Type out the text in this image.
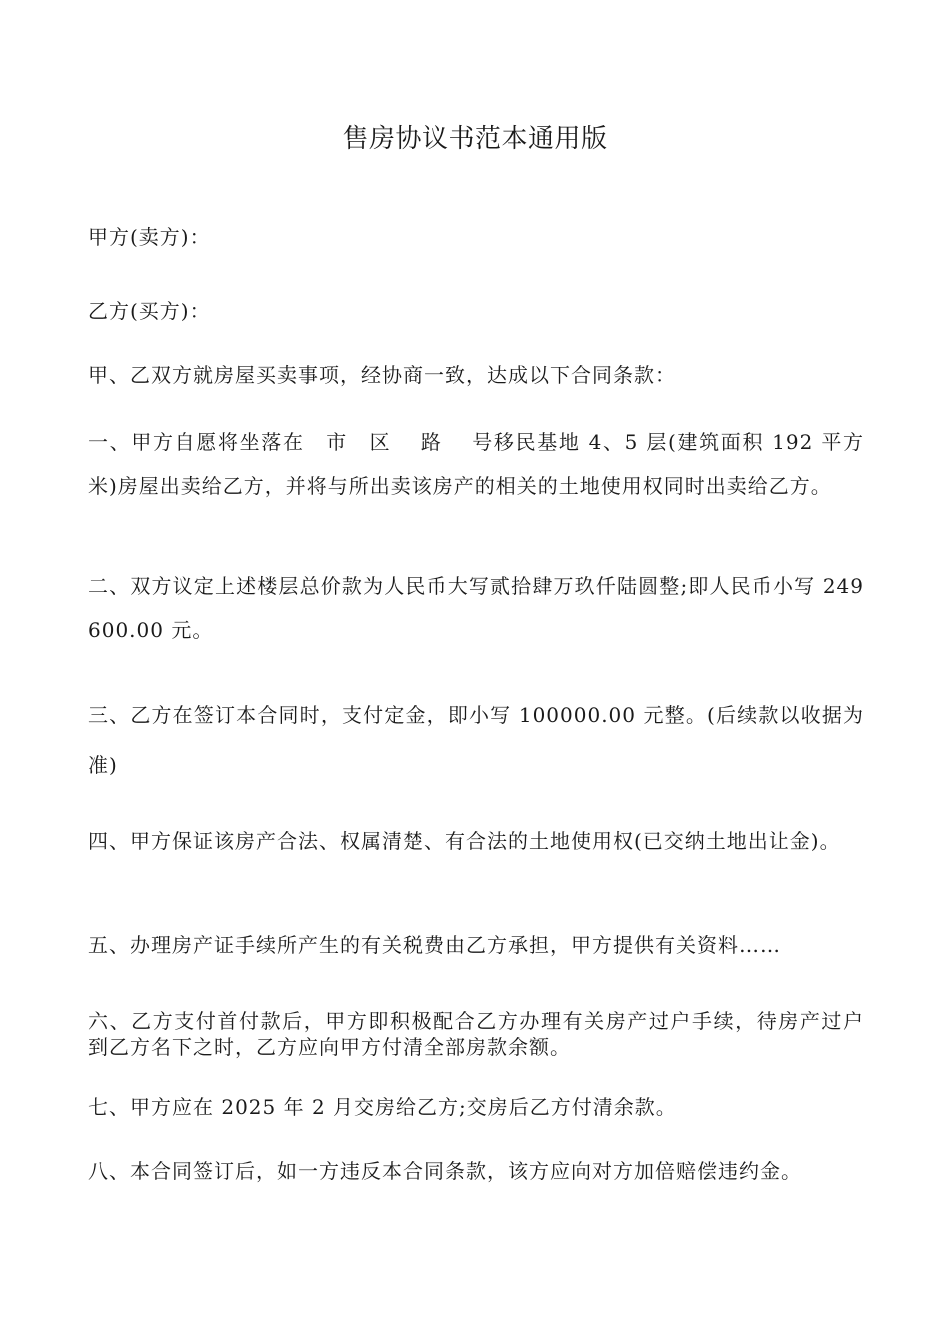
售房协议书范本通用版

甲方(卖方)：

乙方(买方)：

甲、乙双方就房屋买卖事项，经协商一致，达成以下合同条款：

一、甲方自愿将坐落在　市　区　 路　 号移民基地 4、5 层(建筑面积 192 平方米)房屋出卖给乙方，并将与所出卖该房产的相关的土地使用权同时出卖给乙方。

二、双方议定上述楼层总价款为人民币大写贰拾肆万玖仟陆圆整;即人民币小写 249600.00 元。

三、乙方在签订本合同时，支付定金，即小写 100000.00 元整。(后续款以收据为准)

四、甲方保证该房产合法、权属清楚、有合法的土地使用权(已交纳土地出让金)。

五、办理房产证手续所产生的有关税费由乙方承担，甲方提供有关资料……

六、乙方支付首付款后，甲方即积极配合乙方办理有关房产过户手续，待房产过户到乙方名下之时，乙方应向甲方付清全部房款余额。

七、甲方应在 2025 年 2 月交房给乙方;交房后乙方付清余款。

八、本合同签订后，如一方违反本合同条款，该方应向对方加倍赔偿违约金。
